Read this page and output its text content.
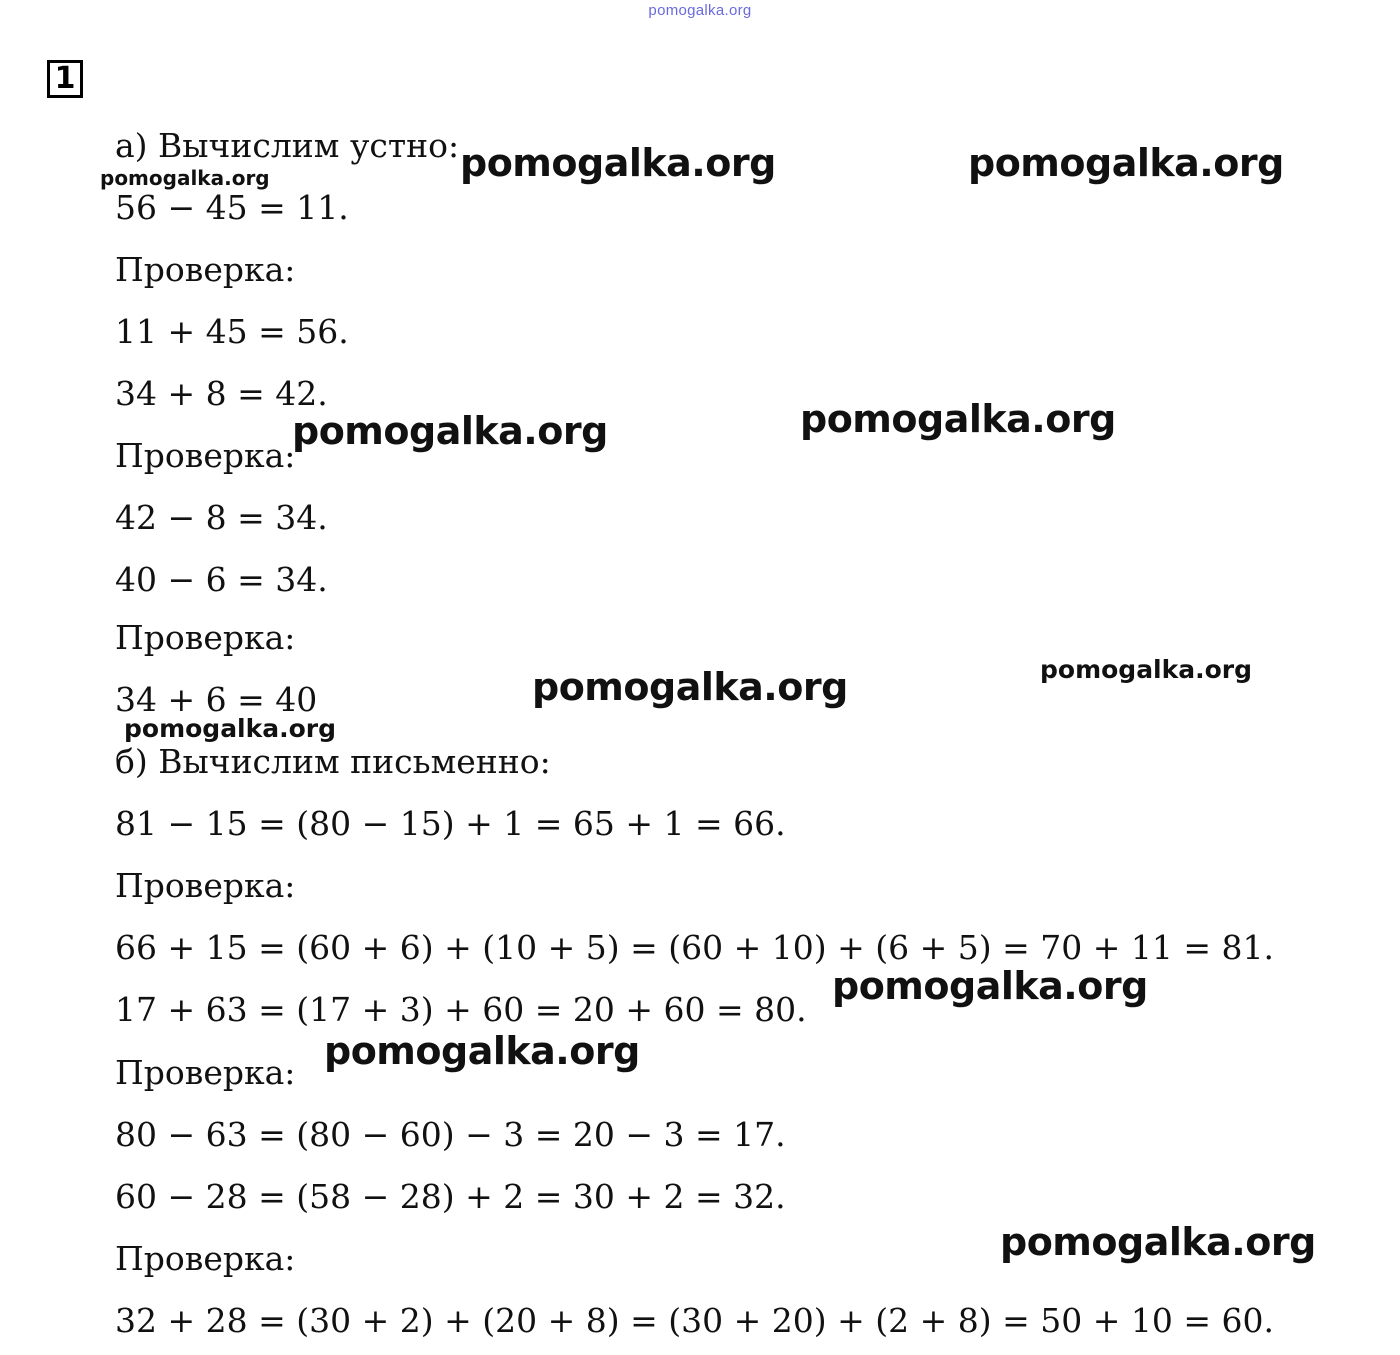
pomogalka.org
1
а) Вычислим устно:
56 − 45 = 11.
Проверка:
11 + 45 = 56.
34 + 8 = 42.
Проверка:
42 − 8 = 34.
40 − 6 = 34.
Проверка:
34 + 6 = 40
б) Вычислим письменно:
81 − 15 = (80 − 15) + 1 = 65 + 1 = 66.
Проверка:
66 + 15 = (60 + 6) + (10 + 5) = (60 + 10) + (6 + 5) = 70 + 11 = 81.
17 + 63 = (17 + 3) + 60 = 20 + 60 = 80.
Проверка:
80 − 63 = (80 − 60) − 3 = 20 − 3 = 17.
60 − 28 = (58 − 28) + 2 = 30 + 2 = 32.
Проверка:
32 + 28 = (30 + 2) + (20 + 8) = (30 + 20) + (2 + 8) = 50 + 10 = 60.
pomogalka.org	pomogalka.org
pomogalka.org
pomogalka.org	pomogalka.org
pomogalka.org	pomogalka.org
pomogalka.org
pomogalka.org
pomogalka.org
pomogalka.org
